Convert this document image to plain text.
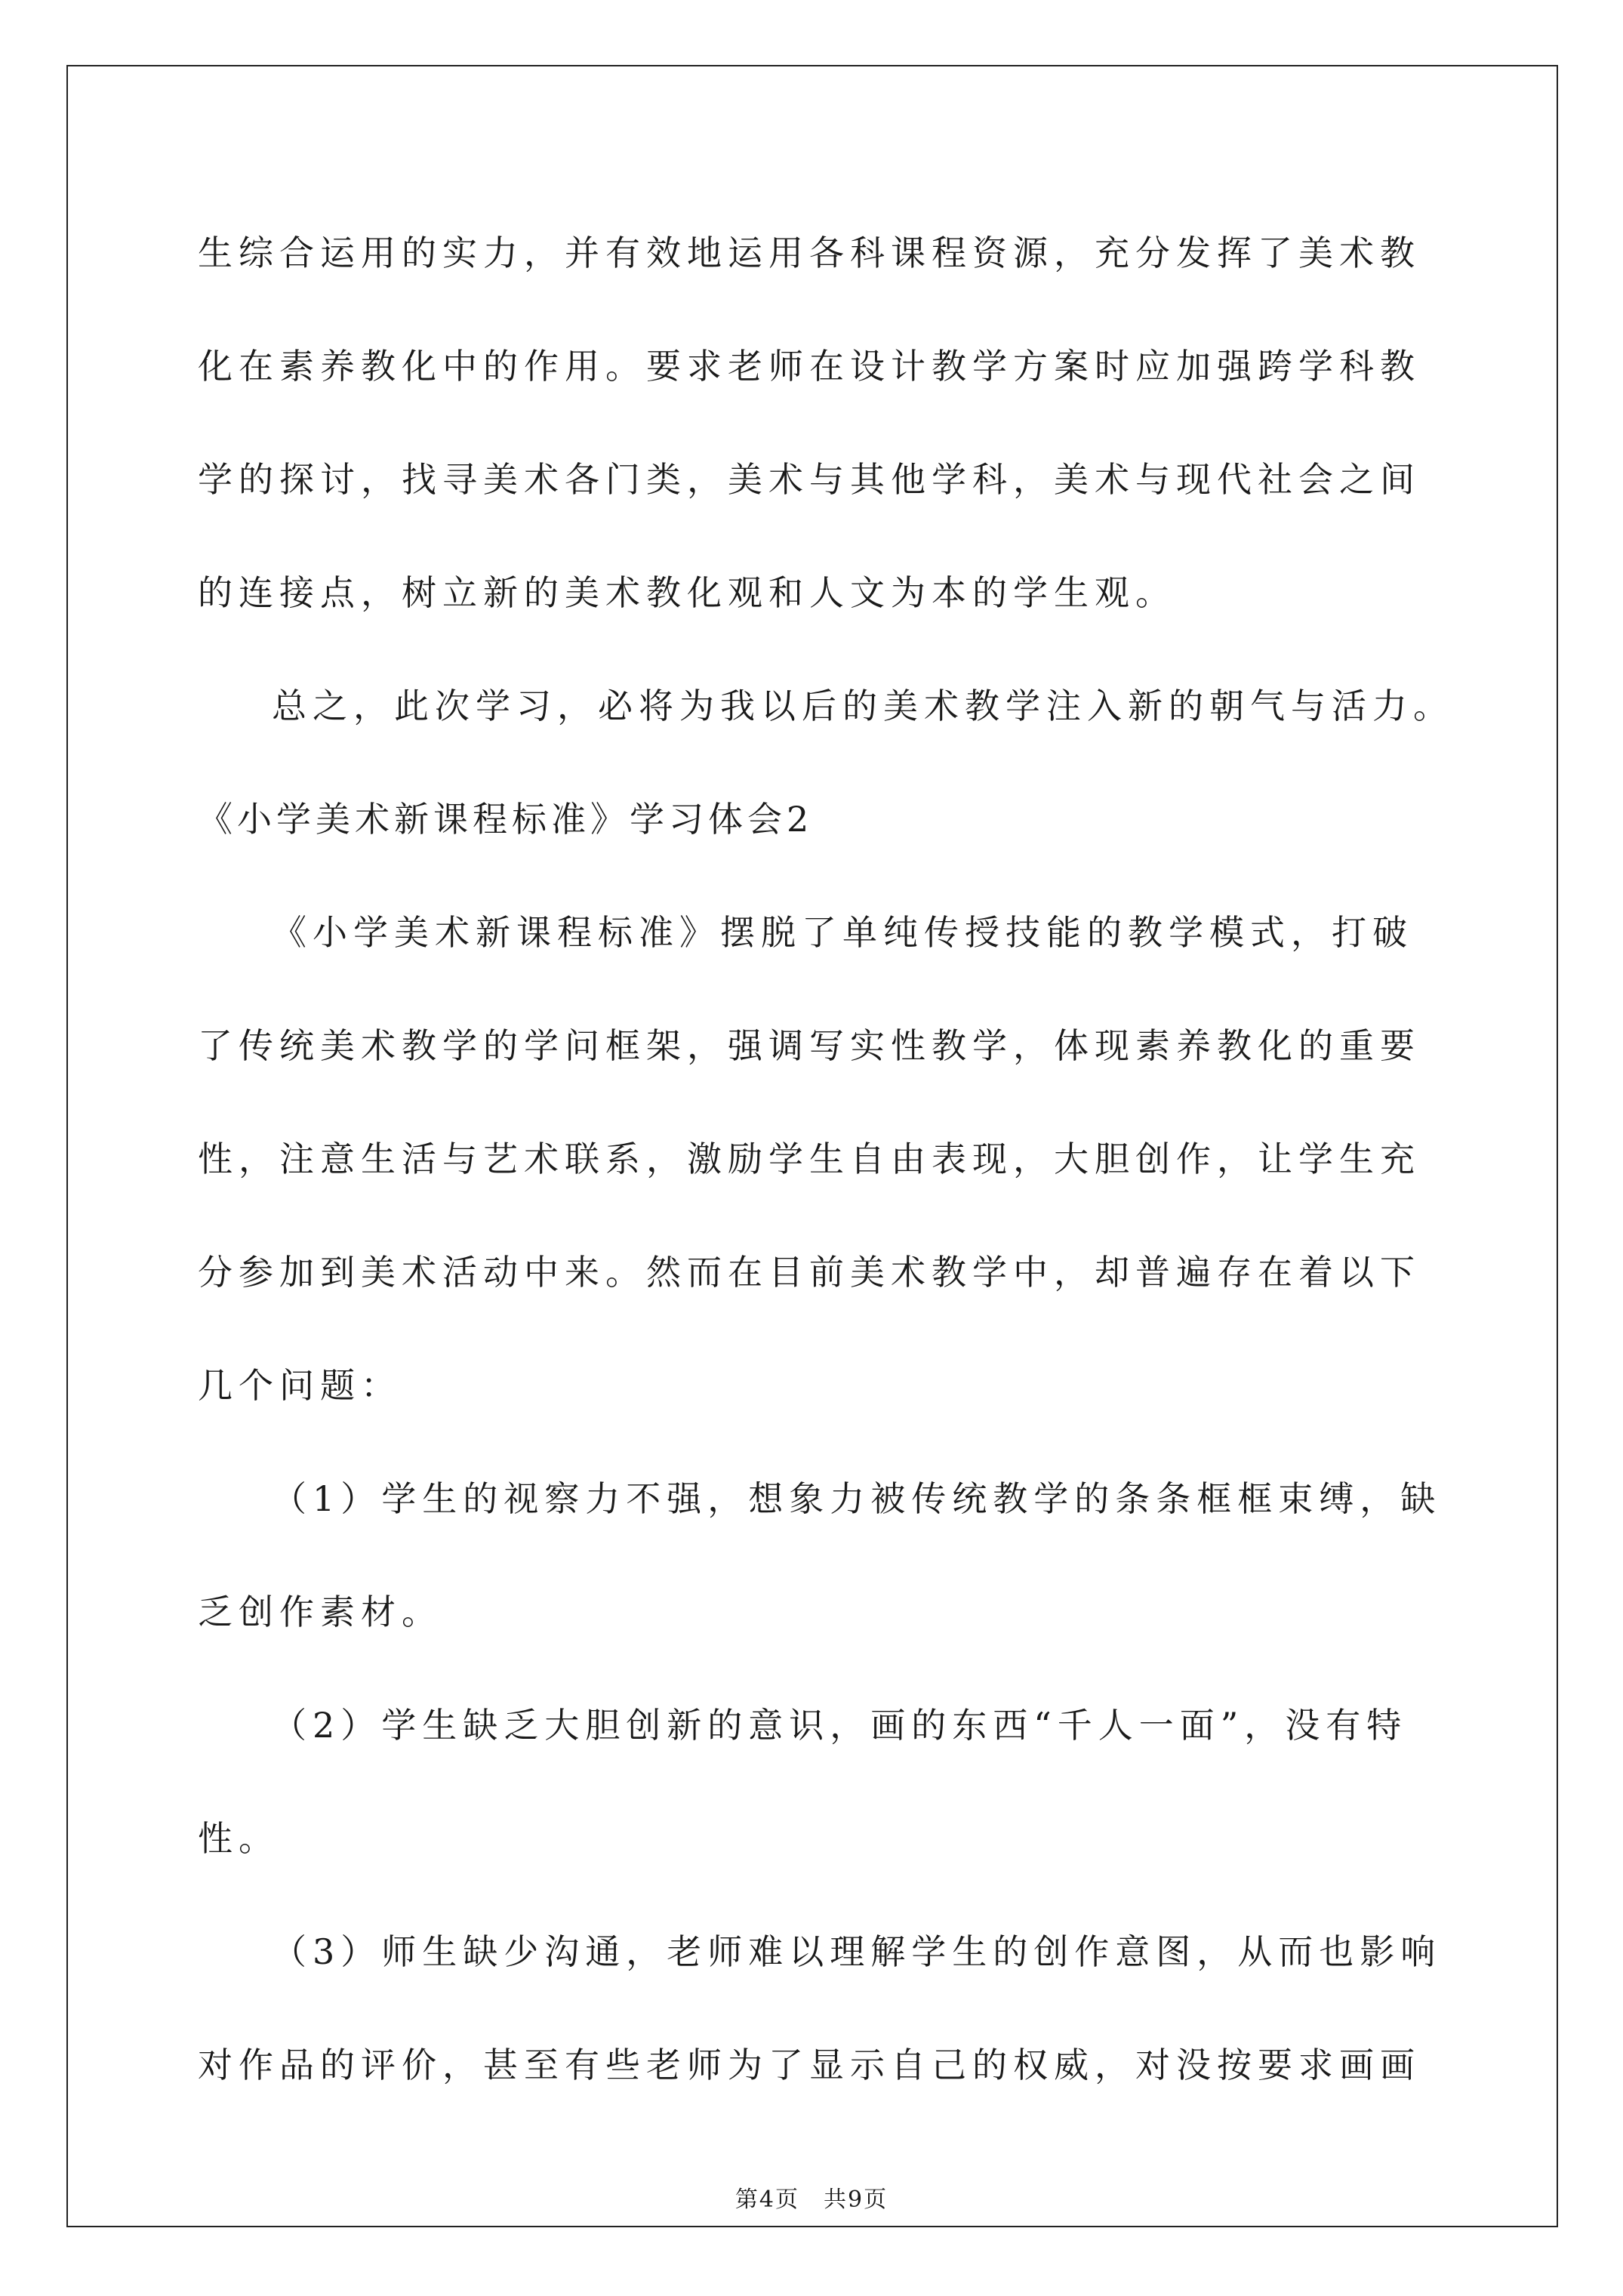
生综合运用的实力，并有效地运用各科课程资源，充分发挥了美术教
化在素养教化中的作用。要求老师在设计教学方案时应加强跨学科教
学的探讨，找寻美术各门类，美术与其他学科，美术与现代社会之间
的连接点，树立新的美术教化观和人文为本的学生观。
总之，此次学习，必将为我以后的美术教学注入新的朝气与活力。
《小学美术新课程标准》学习体会2
《小学美术新课程标准》摆脱了单纯传授技能的教学模式，打破
了传统美术教学的学问框架，强调写实性教学，体现素养教化的重要
性，注意生活与艺术联系，激励学生自由表现，大胆创作，让学生充
分参加到美术活动中来。然而在目前美术教学中，却普遍存在着以下
几个问题：
（1）学生的视察力不强，想象力被传统教学的条条框框束缚，缺
乏创作素材。
（2）学生缺乏大胆创新的意识，画的东西“千人一面”，没有特
性。
（3）师生缺少沟通，老师难以理解学生的创作意图，从而也影响
对作品的评价，甚至有些老师为了显示自己的权威，对没按要求画画
第4页　共9页
